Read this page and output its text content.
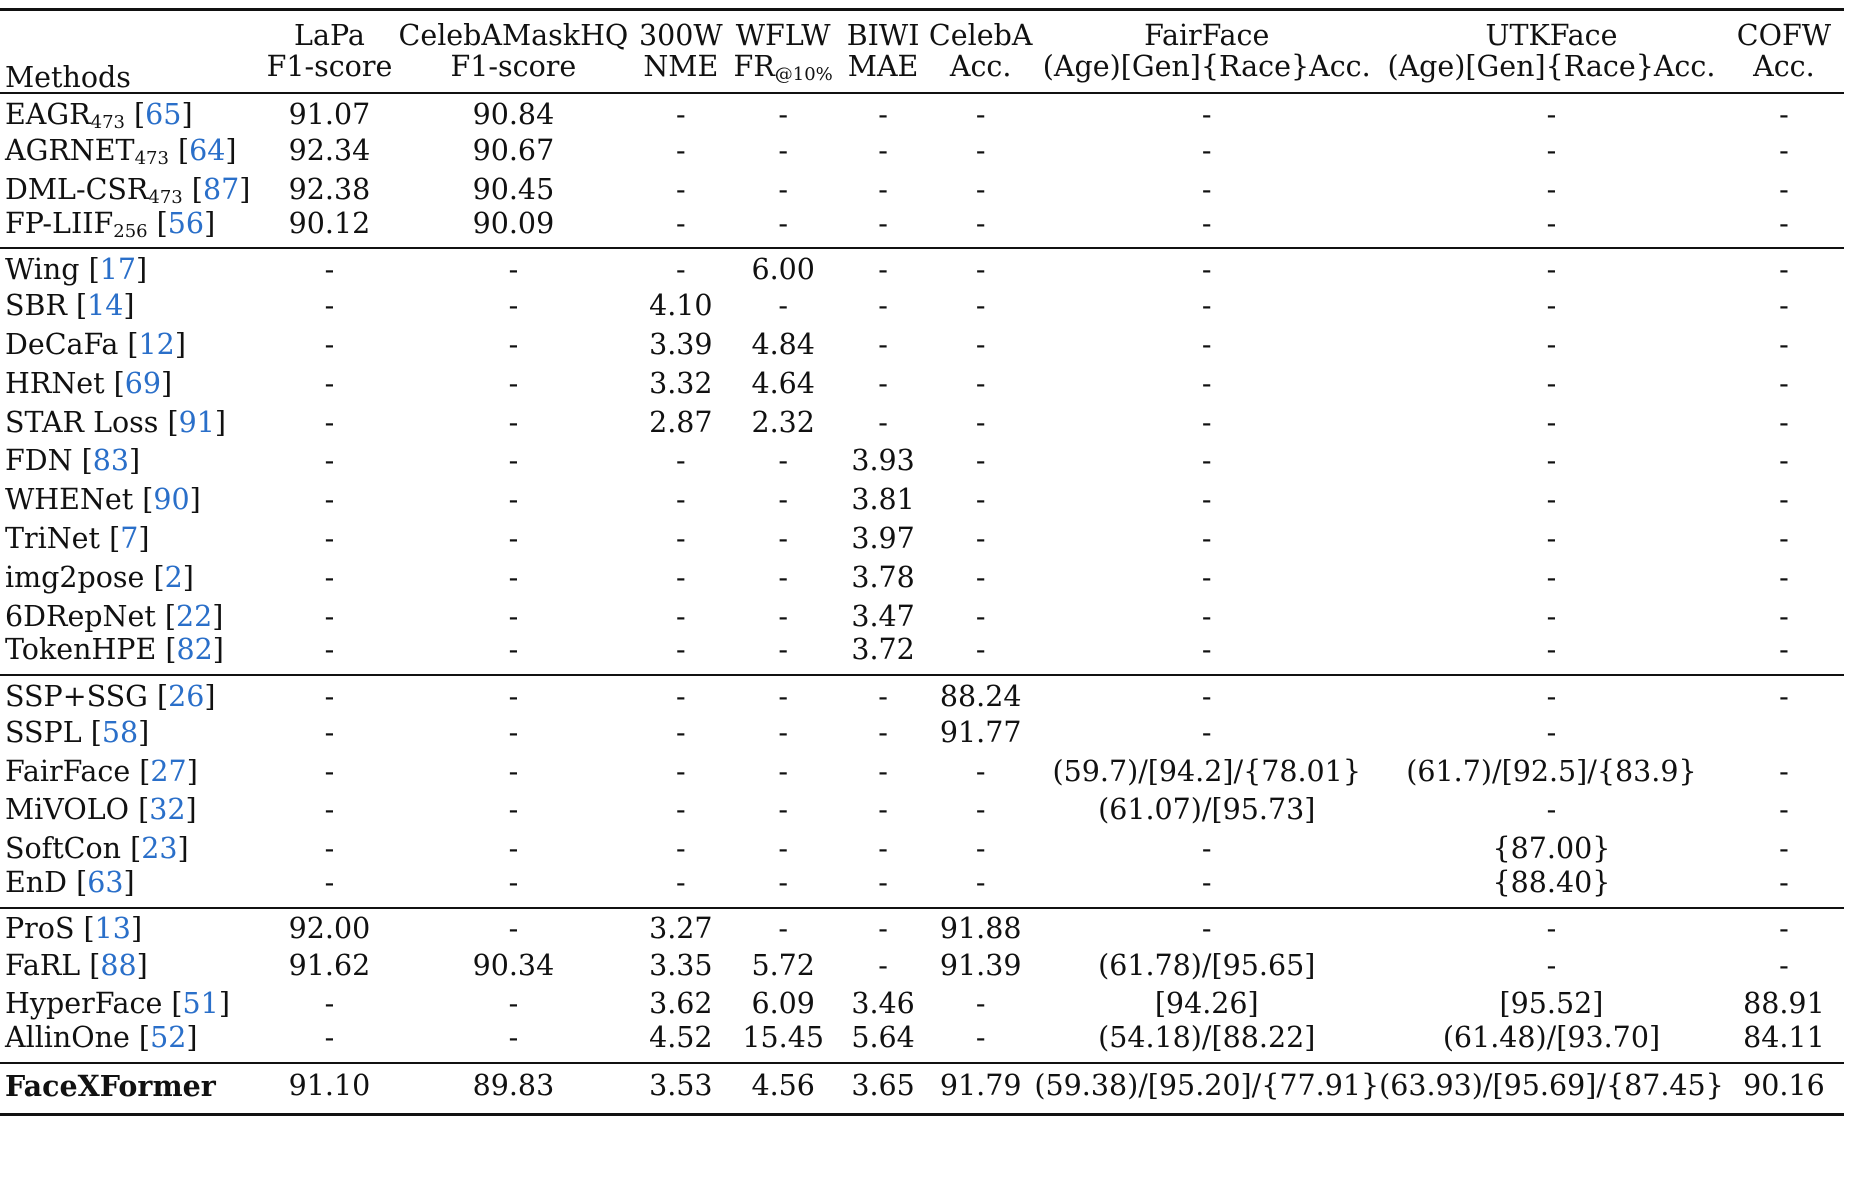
Methods	LaPa	CelebAMaskHQ	300W	WFLW	BIWI	CelebA	FairFace	UTKFace	COFW
	F1-score	F1-score	NME	$FR_{@10\%}$	MAE	Acc.	(Age)[Gen]{Race}Acc.	(Age)[Gen]{Race}Acc.	Acc.
$EAGR_{473}$ [65]	91.07	90.84	-	-	-	-	-	-	-
$AGRNET_{473}$ [64]	92.34	90.67	-	-	-	-	-	-	-
DML-$CSR_{473}$ [87]	92.38	90.45	-	-	-	-	-	-	-
$FP-LIIF_{256}$ [56]	90.12	90.09	-	-	-	-	-	-	-
Wing [17]	-	-	-	6.00	-	-	-	-	-
SBR [14]	-	-	4.10	-	-	-	-	-	-
DeCaFa [12]	-	-	3.39	4.84	-	-	-	-	-
HRNet [69]	-	-	3.32	4.64	-	-	-	-	-
STAR Loss [91]	-	-	2.87	2.32	-	-	-	-	-
FDN [83]	-	-	-	-	3.93	-	-	-	-
WHENet [90]	-	-	-	-	3.81	-	-	-	-
TriNet [7]	-	-	-	-	3.97	-	-	-	-
img2pose [2]	-	-	-	-	3.78	-	-	-	-
6DRepNet [22]	-	-	-	-	3.47	-	-	-	-
TokenHPE [82]	-	-	-	-	3.72	-	-	-	-
SSP+SSG [26]	-	-	-	-	-	88.24	-	-	-
SSPL [58]	-	-	-	-	-	91.77	-	-	
FairFace [27]	-	-	-	-	-	-	(59.7)/[94.2]/{78.01}	(61.7)/[92.5]/{83.9}	-
MiVOLO [32]	-	-	-	-	-	-	(61.07)/[95.73]	-	-
SoftCon [23]	-	-	-	-	-	-	-	{87.00}	-
EnD [63]	-	-	-	-	-	-	-	{88.40}	-
ProS [13]	92.00	-	3.27	-	-	91.88	-	-	-
FaRL [88]	91.62	90.34	3.35	5.72	-	91.39	(61.78)/[95.65]	-	-
HyperFace [51]	-	-	3.62	6.09	3.46	-	[94.26]	[95.52]	88.91
AllinOne [52]	-	-	4.52	15.45	5.64	-	(54.18)/[88.22]	(61.48)/[93.70]	84.11
FaceXFormer	91.10	89.83	3.53	4.56	3.65	91.79	(59.38)/[95.20]/{77.91}	(63.93)/[95.69]/{87.45}	90.16
